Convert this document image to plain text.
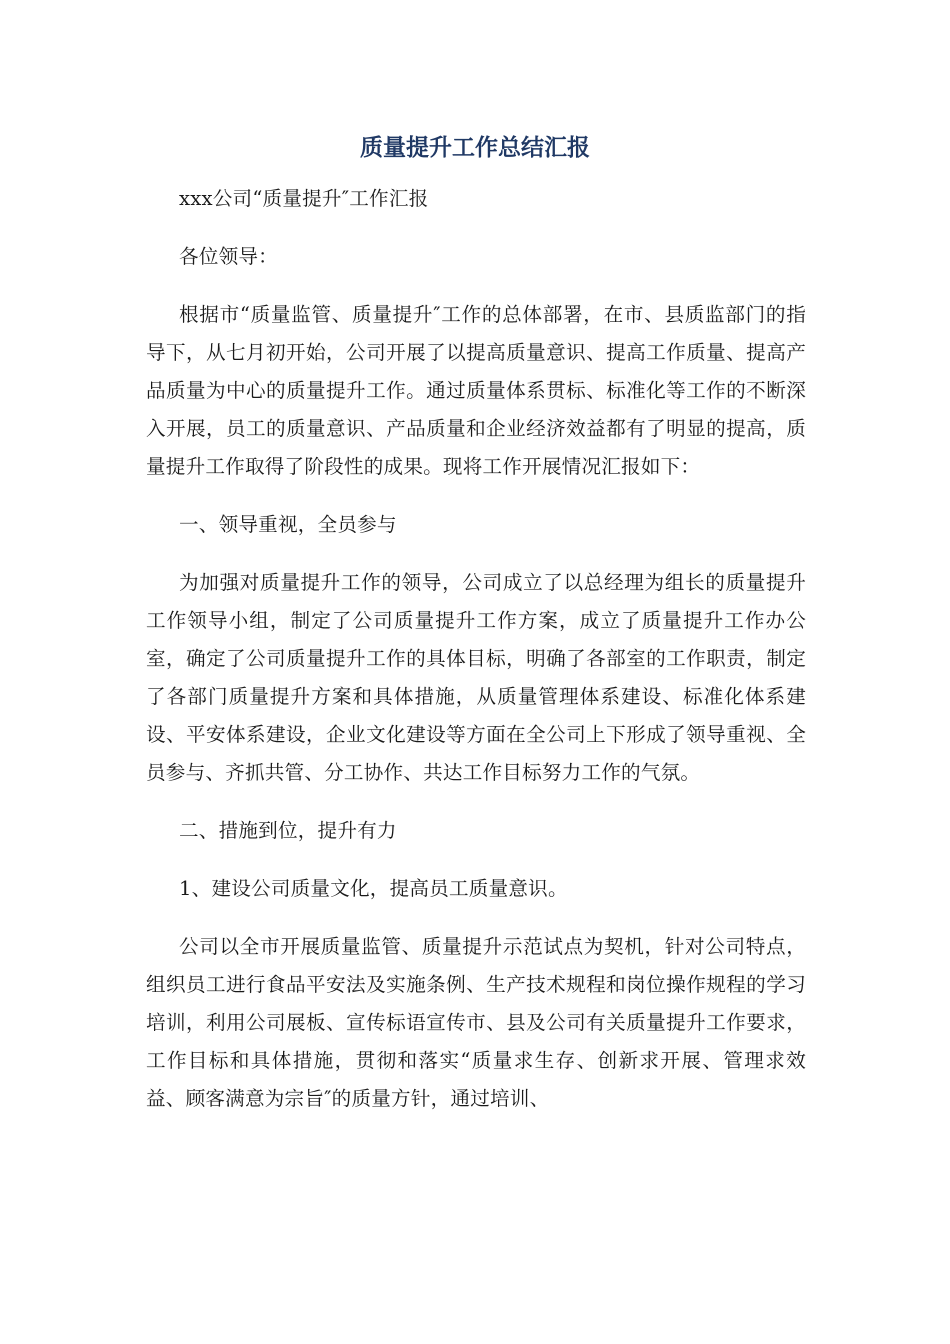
质量提升工作总结汇报

xxx公司“质量提升″工作汇报

各位领导：

根据市“质量监管、质量提升″工作的总体部署，在市、县质监部门的指导下，从七月初开始，公司开展了以提高质量意识、提高工作质量、提高产品质量为中心的质量提升工作。通过质量体系贯标、标准化等工作的不断深入开展，员工的质量意识、产品质量和企业经济效益都有了明显的提高，质量提升工作取得了阶段性的成果。现将工作开展情况汇报如下：

一、领导重视，全员参与

为加强对质量提升工作的领导，公司成立了以总经理为组长的质量提升工作领导小组，制定了公司质量提升工作方案，成立了质量提升工作办公室，确定了公司质量提升工作的具体目标，明确了各部室的工作职责，制定了各部门质量提升方案和具体措施，从质量管理体系建设、标准化体系建设、平安体系建设，企业文化建设等方面在全公司上下形成了领导重视、全员参与、齐抓共管、分工协作、共达工作目标努力工作的气氛。

二、措施到位，提升有力

1、建设公司质量文化，提高员工质量意识。

公司以全市开展质量监管、质量提升示范试点为契机，针对公司特点，组织员工进行食品平安法及实施条例、生产技术规程和岗位操作规程的学习培训，利用公司展板、宣传标语宣传市、县及公司有关质量提升工作要求，工作目标和具体措施，贯彻和落实“质量求生存、创新求开展、管理求效益、顾客满意为宗旨″的质量方针，通过培训、
